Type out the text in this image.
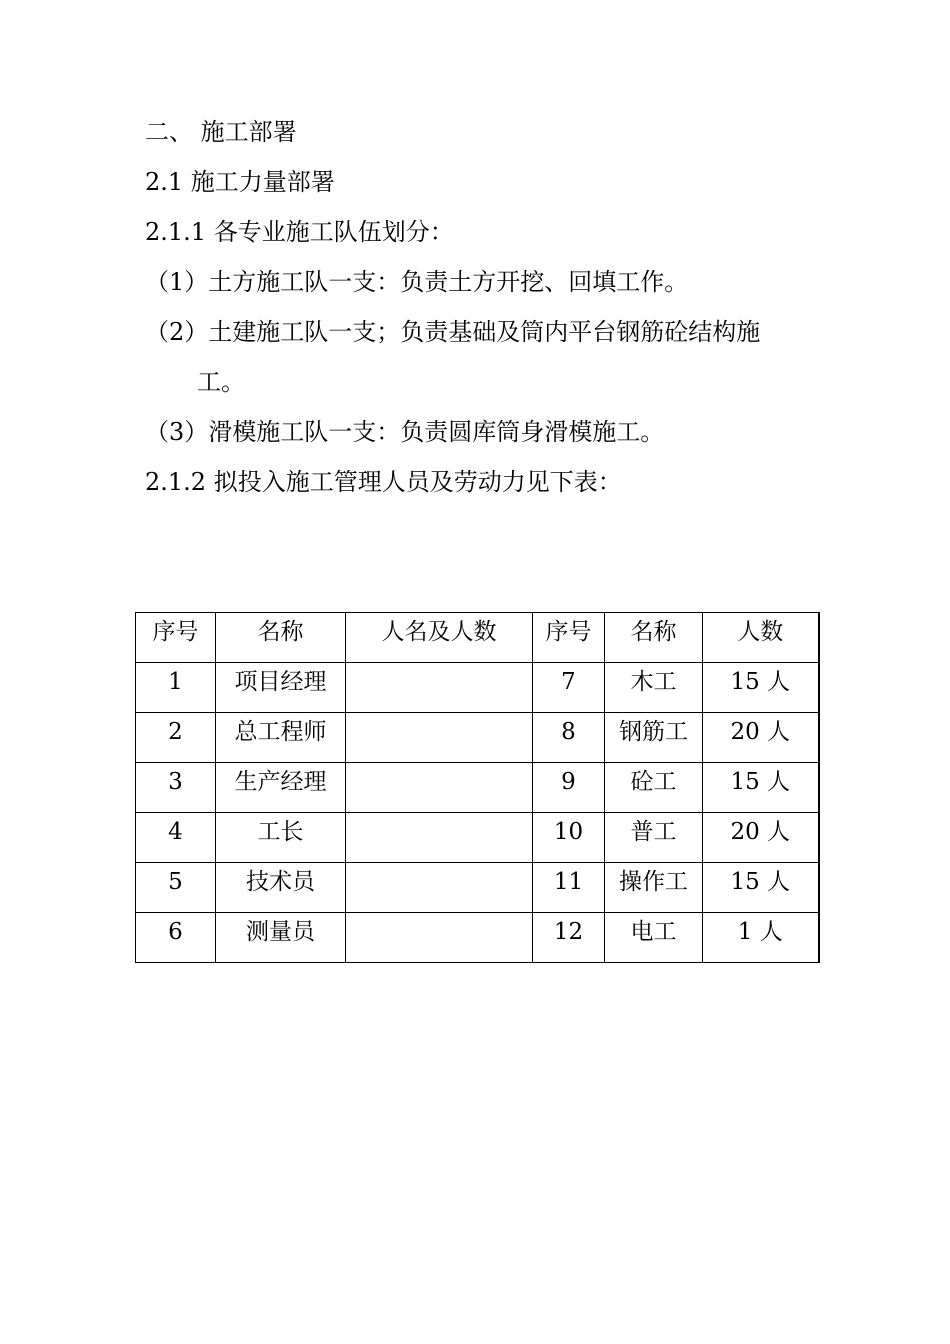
二、 施工部署
2.1 施工力量部署
2.1.1 各专业施工队伍划分：
（1）土方施工队一支：负责土方开挖、回填工作。
（2）土建施工队一支；负责基础及筒内平台钢筋砼结构施
工。
（3）滑模施工队一支：负责圆库筒身滑模施工。
2.1.2 拟投入施工管理人员及劳动力见下表：
序号	名称	人名及人数	序号	名称	人数
1	项目经理		7	木工	15 人
2	总工程师		8	钢筋工	20 人
3	生产经理		9	砼工	15 人
4	工长		10	普工	20 人
5	技术员		11	操作工	15 人
6	测量员		12	电工	1 人
